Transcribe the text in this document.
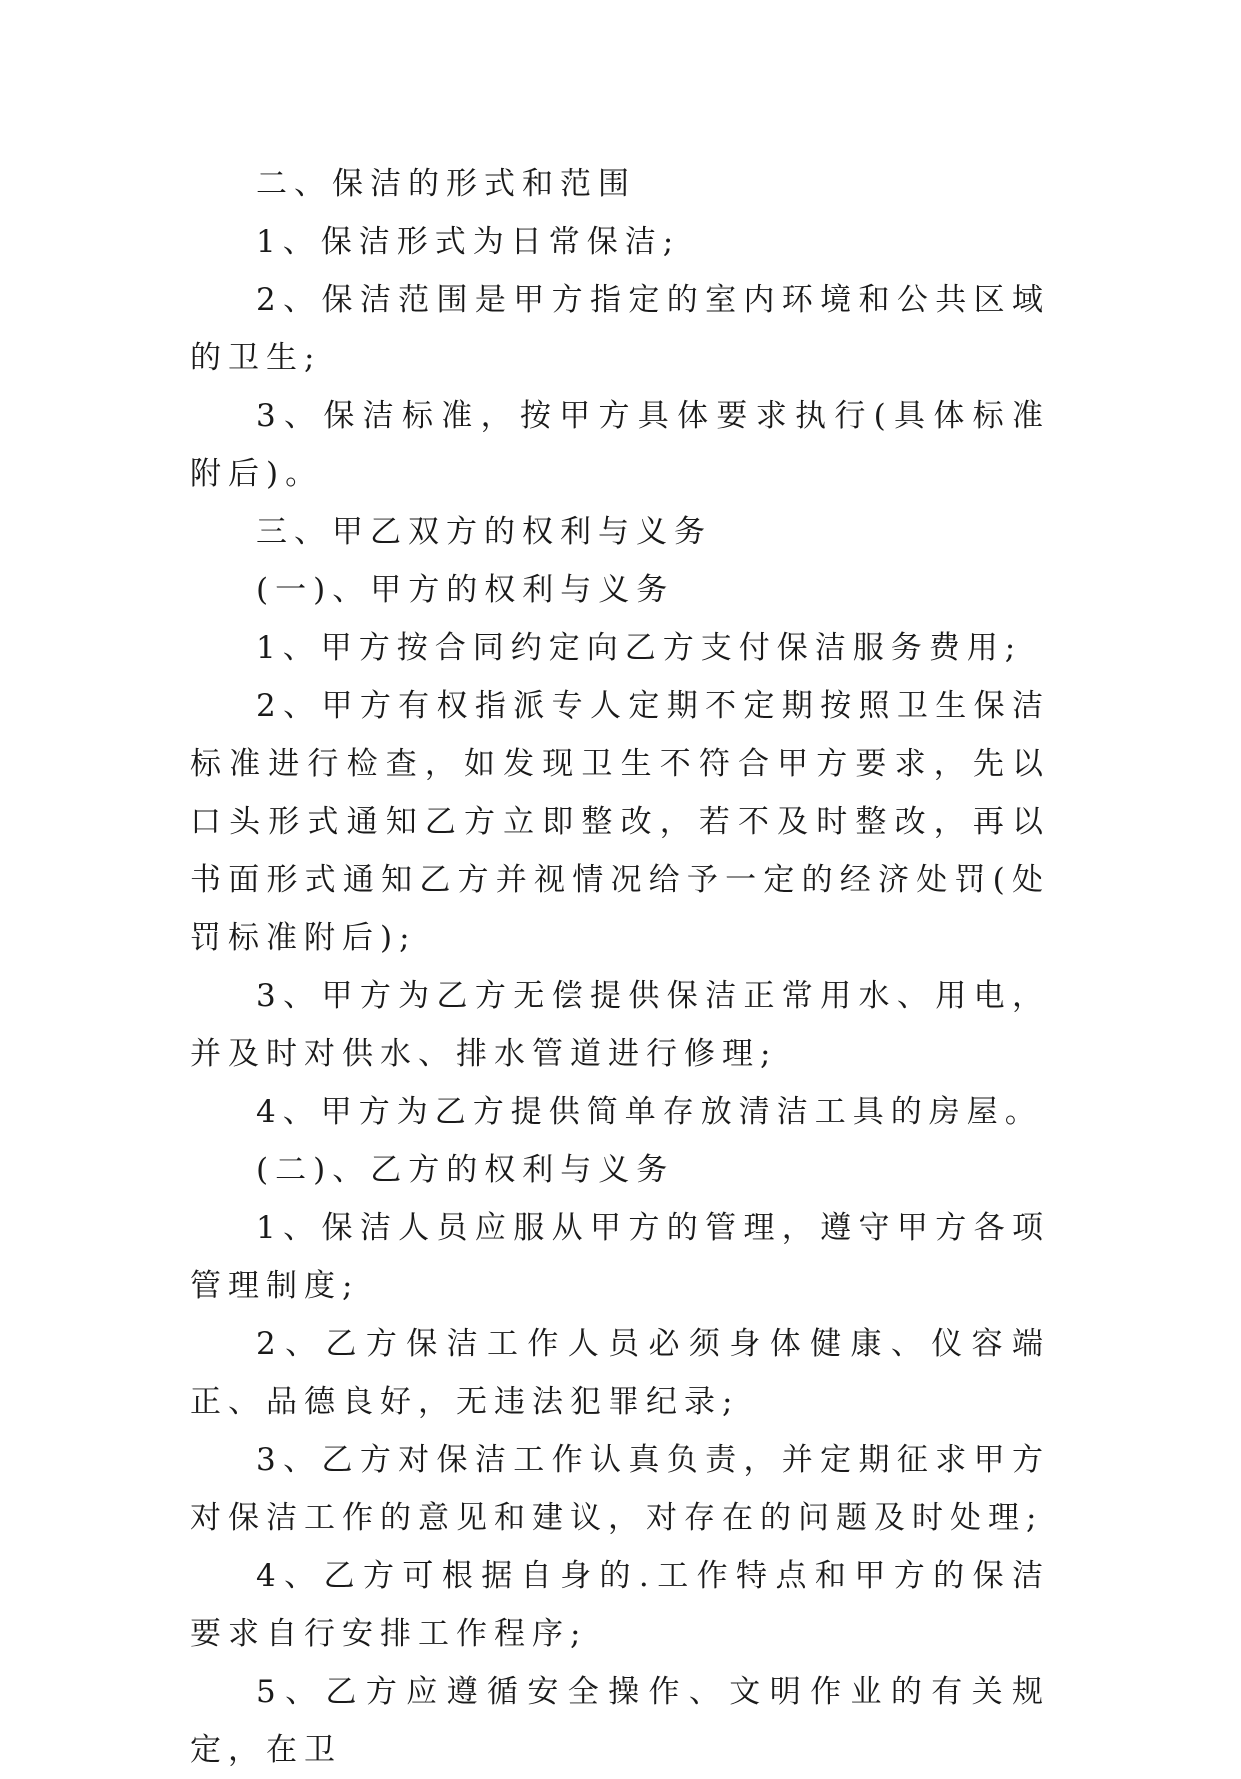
二、保洁的形式和范围

1、保洁形式为日常保洁;

2、保洁范围是甲方指定的室内环境和公共区域的卫生;

3、保洁标准，按甲方具体要求执行(具体标准附后)。

三、甲乙双方的权利与义务

(一)、甲方的权利与义务

1、甲方按合同约定向乙方支付保洁服务费用;

2、甲方有权指派专人定期不定期按照卫生保洁标准进行检查，如发现卫生不符合甲方要求，先以口头形式通知乙方立即整改，若不及时整改，再以书面形式通知乙方并视情况给予一定的经济处罚(处罚标准附后);

3、甲方为乙方无偿提供保洁正常用水、用电，并及时对供水、排水管道进行修理;

4、甲方为乙方提供简单存放清洁工具的房屋。

(二)、乙方的权利与义务

1、保洁人员应服从甲方的管理，遵守甲方各项管理制度;

2、乙方保洁工作人员必须身体健康、仪容端正、品德良好，无违法犯罪纪录;

3、乙方对保洁工作认真负责，并定期征求甲方对保洁工作的意见和建议，对存在的问题及时处理;

4、乙方可根据自身的.工作特点和甲方的保洁要求自行安排工作程序;

5、乙方应遵循安全操作、文明作业的有关规定，在卫
